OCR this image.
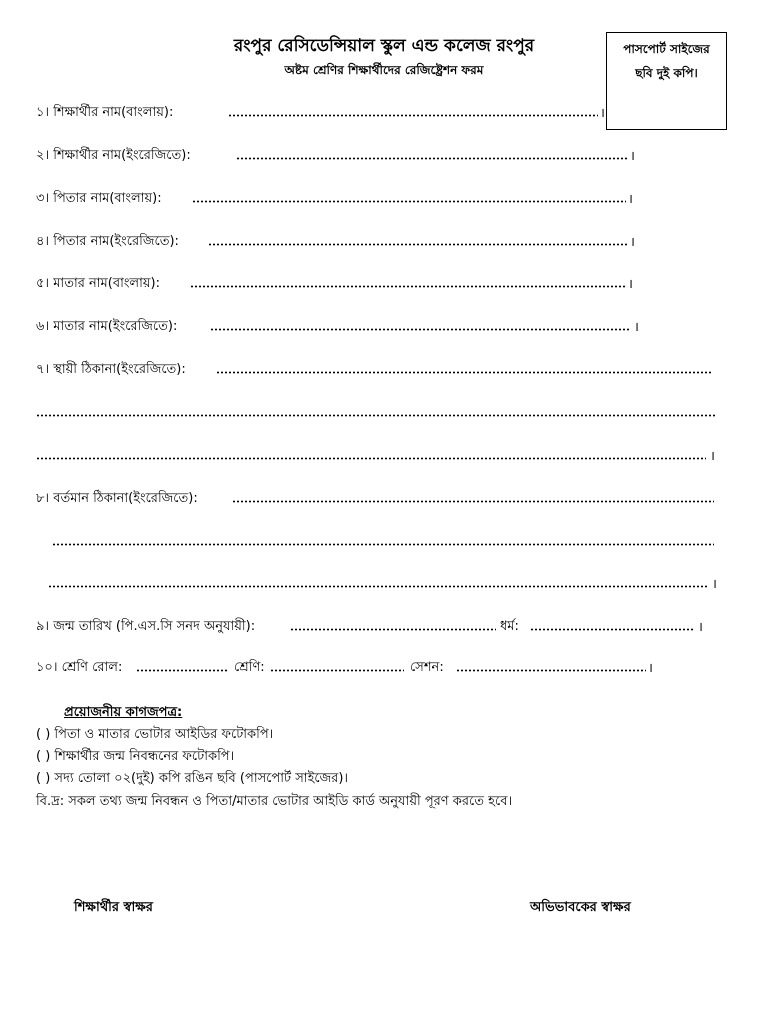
রংপুর রেসিডেন্সিয়াল স্কুল এন্ড কলেজ রংপুর
অষ্টম শ্রেণির শিক্ষার্থীদের রেজিষ্ট্রেশন ফরম
পাসপোর্ট সাইজের
ছবি দুই কপি।
১। শিক্ষার্থীর নাম(বাংলায়):	।
২। শিক্ষার্থীর নাম(ইংরেজিতে):	।
৩। পিতার নাম(বাংলায়):	।
৪। পিতার নাম(ইংরেজিতে):	।
৫। মাতার নাম(বাংলায়):	।
৬। মাতার নাম(ইংরেজিতে):	।
৭। স্থায়ী ঠিকানা(ইংরেজিতে):
।
৮। বর্তমান ঠিকানা(ইংরেজিতে):
।
৯। জন্ম তারিখ (পি.এস.সি সনদ অনুযায়ী):	ধর্ম:	।
১০। শ্রেণি রোল:	শ্রেণি:	সেশন:	।
প্রয়োজনীয় কাগজপত্র:
( ) পিতা ও মাতার ভোটার আইডির ফটোকপি।
( ) শিক্ষার্থীর জন্ম নিবন্ধনের ফটোকপি।
( ) সদ্য তোলা ০২(দুই) কপি রঙিন ছবি (পাসপোর্ট সাইজের)।
বি.দ্র: সকল তথ্য জন্ম নিবন্ধন ও পিতা/মাতার ভোটার আইডি কার্ড অনুযায়ী পূরণ করতে হবে।
শিক্ষার্থীর স্বাক্ষর	অভিভাবকের স্বাক্ষর
